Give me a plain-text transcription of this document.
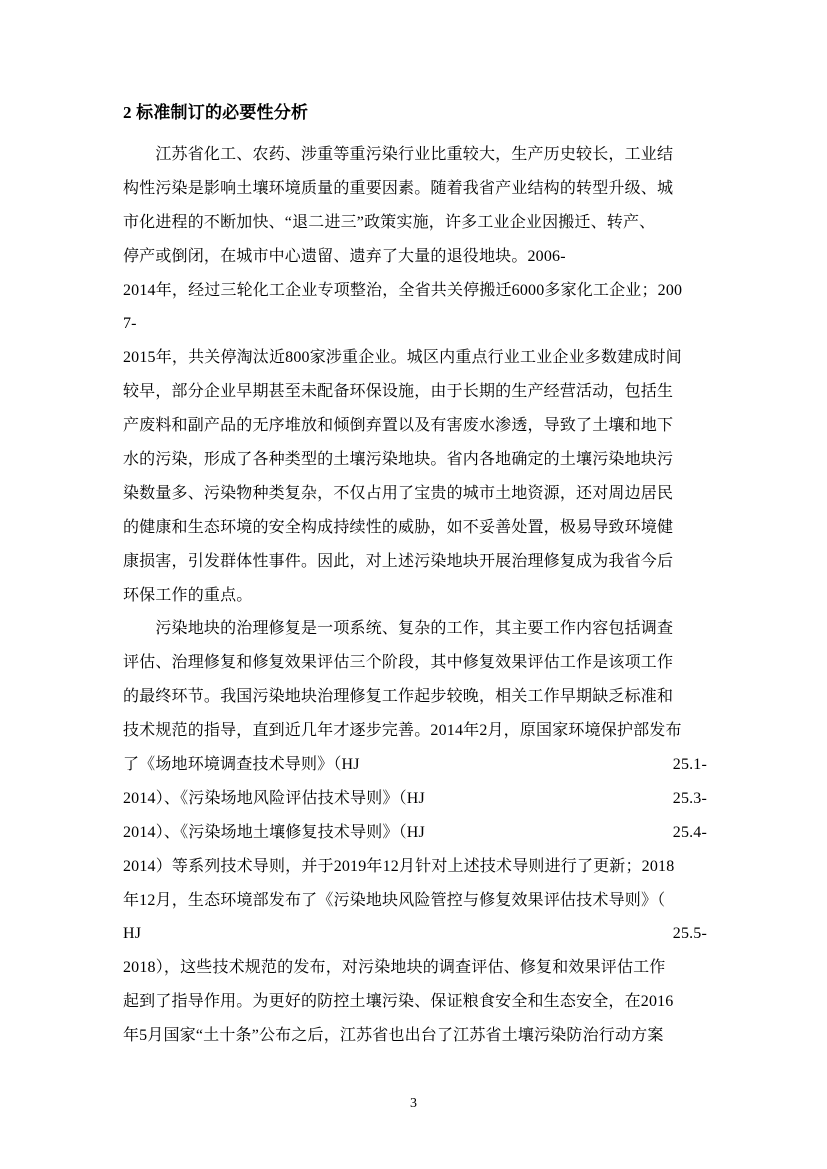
2 标准制订的必要性分析
　　江苏省化工、农药、涉重等重污染行业比重较大，生产历史较长，工业结
构性污染是影响土壤环境质量的重要因素。随着我省产业结构的转型升级、城
市化进程的不断加快、“退二进三”政策实施，许多工业企业因搬迁、转产、
停产或倒闭，在城市中心遗留、遗弃了大量的退役地块。2006-
2014年，经过三轮化工企业专项整治，全省共关停搬迁6000多家化工企业；200
7-
2015年，共关停淘汰近800家涉重企业。城区内重点行业工业企业多数建成时间
较早，部分企业早期甚至未配备环保设施，由于长期的生产经营活动，包括生
产废料和副产品的无序堆放和倾倒弃置以及有害废水渗透，导致了土壤和地下
水的污染，形成了各种类型的土壤污染地块。省内各地确定的土壤污染地块污
染数量多、污染物种类复杂，不仅占用了宝贵的城市土地资源，还对周边居民
的健康和生态环境的安全构成持续性的威胁，如不妥善处置，极易导致环境健
康损害，引发群体性事件。因此，对上述污染地块开展治理修复成为我省今后
环保工作的重点。
　　污染地块的治理修复是一项系统、复杂的工作，其主要工作内容包括调查
评估、治理修复和修复效果评估三个阶段，其中修复效果评估工作是该项工作
的最终环节。我国污染地块治理修复工作起步较晚，相关工作早期缺乏标准和
技术规范的指导，直到近几年才逐步完善。2014年2月，原国家环境保护部发布
了《场地环境调查技术导则》（HJ	25.1-
2014）、《污染场地风险评估技术导则》（HJ	25.3-
2014）、《污染场地土壤修复技术导则》（HJ	25.4-
2014）等系列技术导则，并于2019年12月针对上述技术导则进行了更新；2018
年12月，生态环境部发布了《污染地块风险管控与修复效果评估技术导则》（
HJ	25.5-
2018），这些技术规范的发布，对污染地块的调查评估、修复和效果评估工作
起到了指导作用。为更好的防控土壤污染、保证粮食安全和生态安全，在2016
年5月国家“土十条”公布之后，江苏省也出台了江苏省土壤污染防治行动方案
3
